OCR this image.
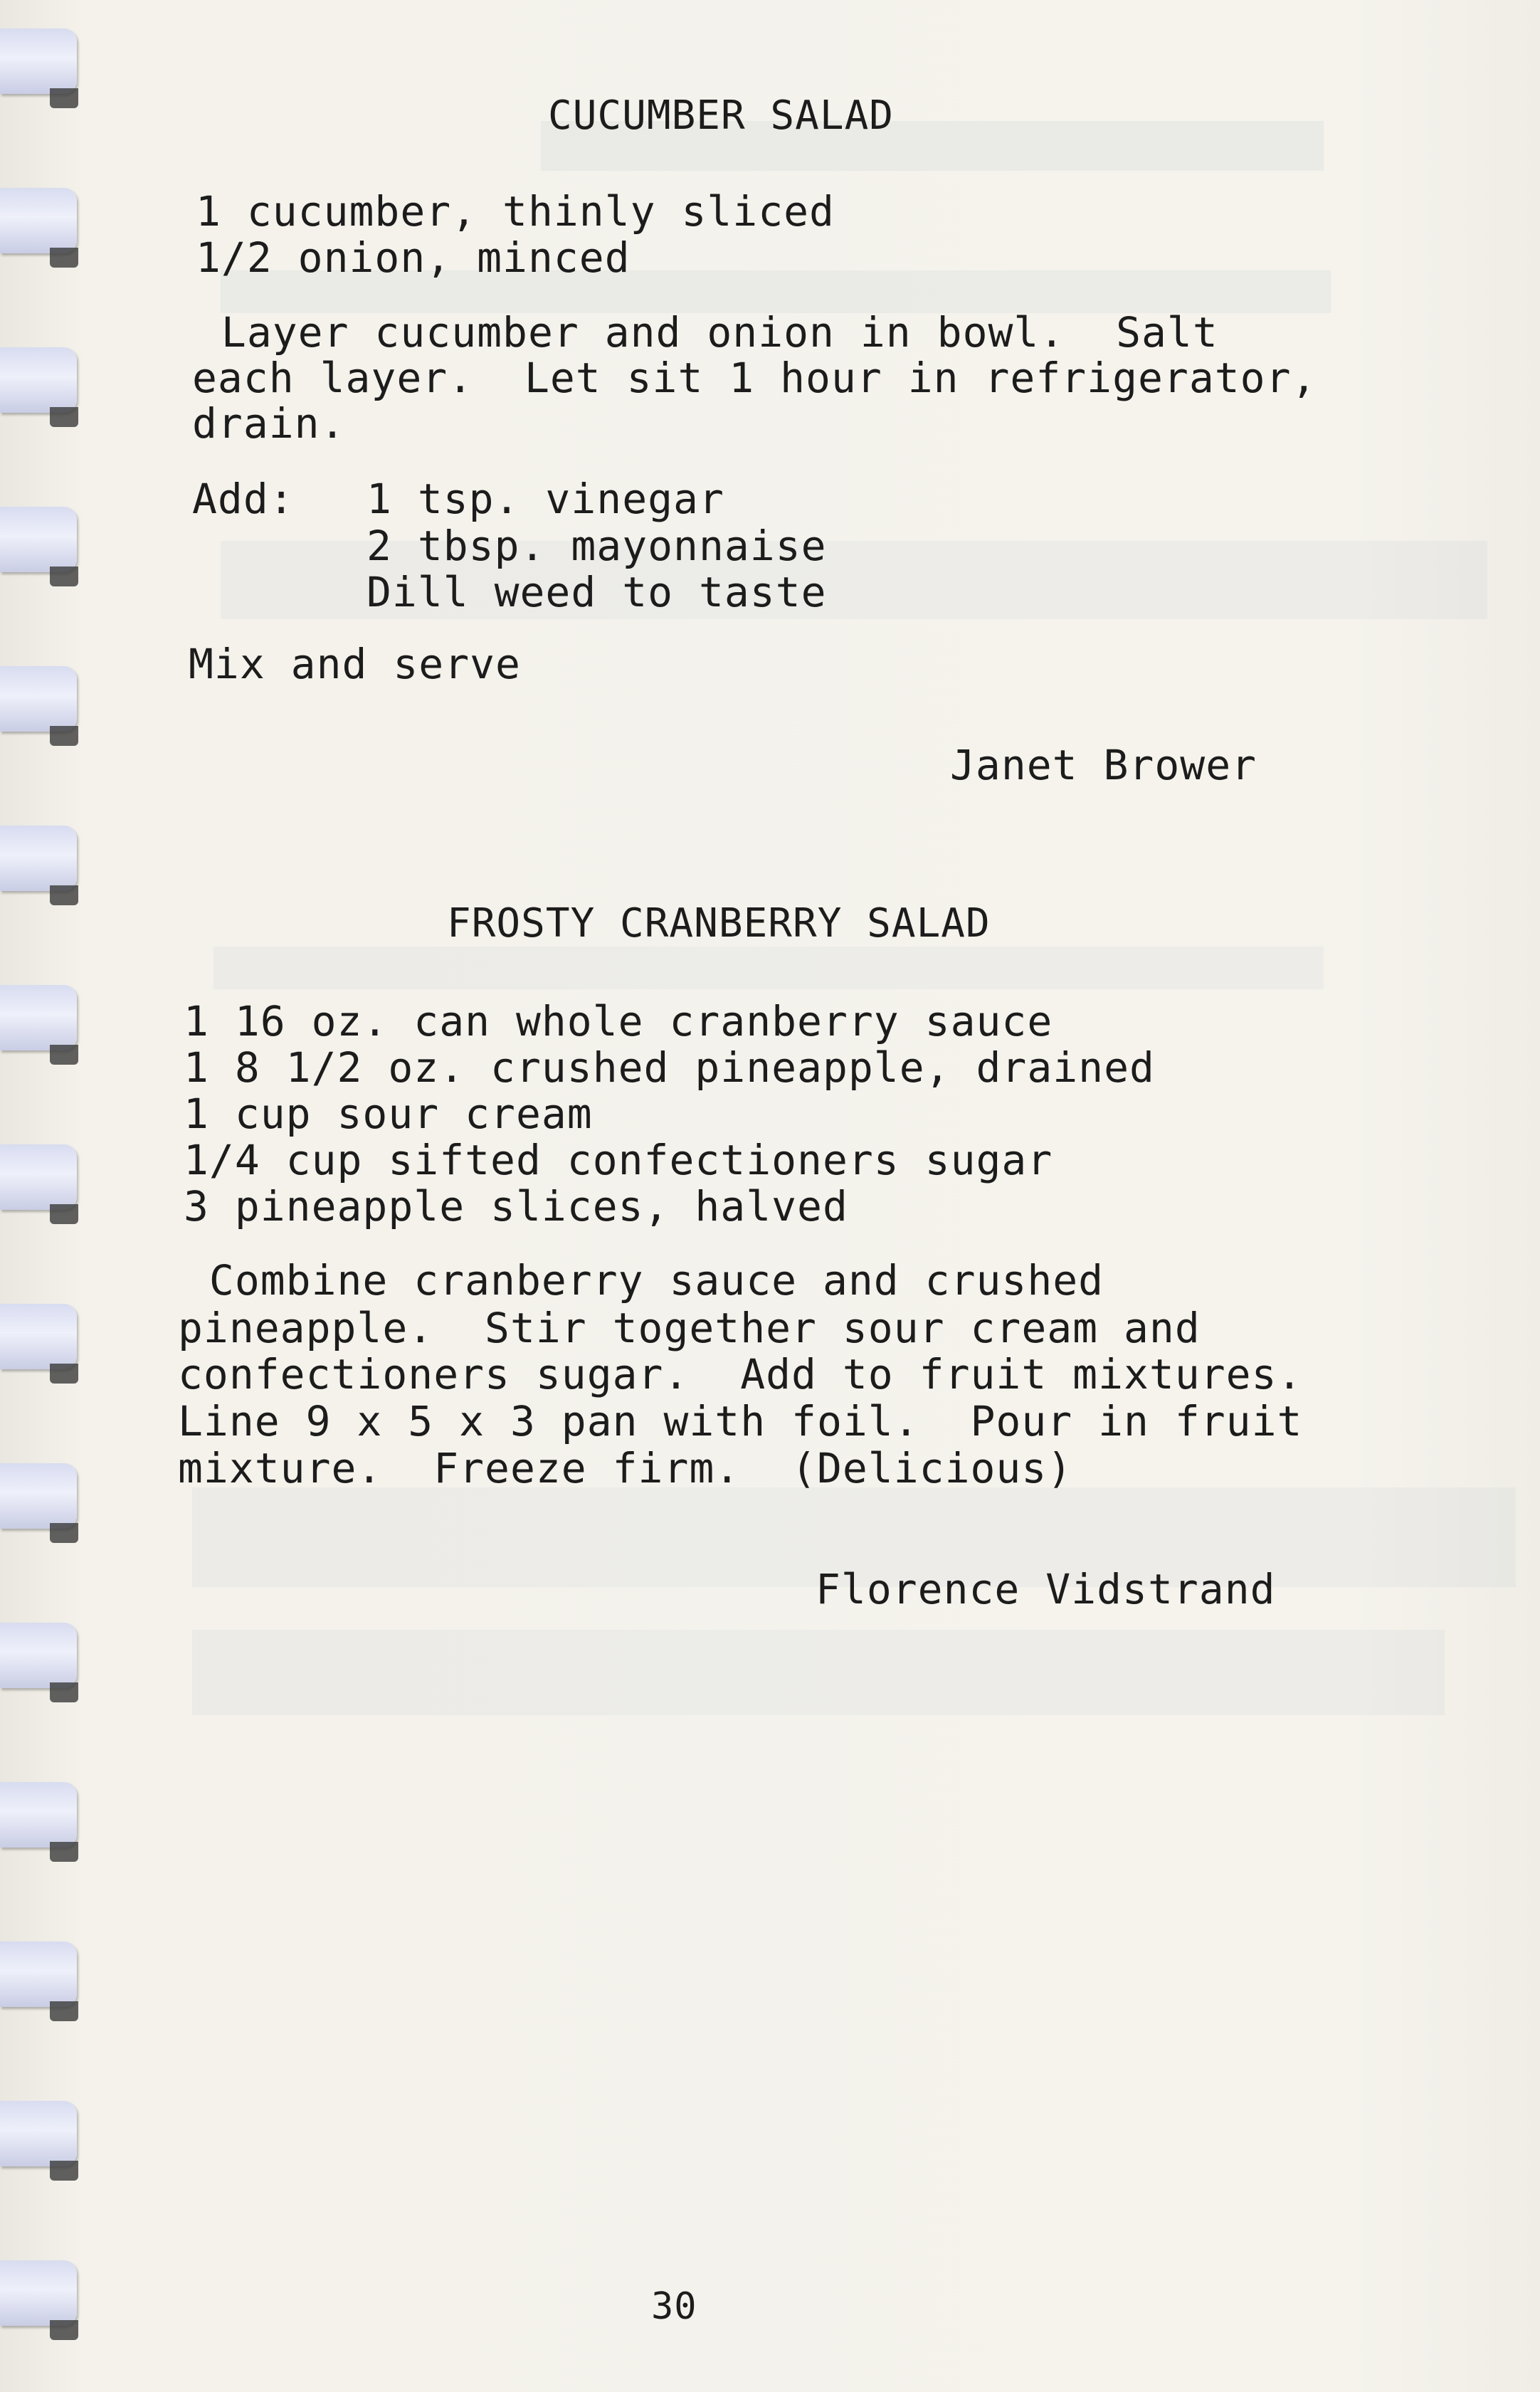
CUCUMBER SALAD
1 cucumber, thinly sliced
1/2 onion, minced
Layer cucumber and onion in bowl.  Salt
each layer.  Let sit 1 hour in refrigerator,
drain.
Add: 1 tsp. vinegar
2 tbsp. mayonnaise
Dill weed to taste
Mix and serve
Janet Brower
FROSTY CRANBERRY SALAD
1 16 oz. can whole cranberry sauce
1 8 1/2 oz. crushed pineapple, drained
1 cup sour cream
1/4 cup sifted confectioners sugar
3 pineapple slices, halved
Combine cranberry sauce and crushed
pineapple.  Stir together sour cream and
confectioners sugar.  Add to fruit mixtures.
Line 9 x 5 x 3 pan with foil.  Pour in fruit
mixture.  Freeze firm.  (Delicious)
Florence Vidstrand
30
